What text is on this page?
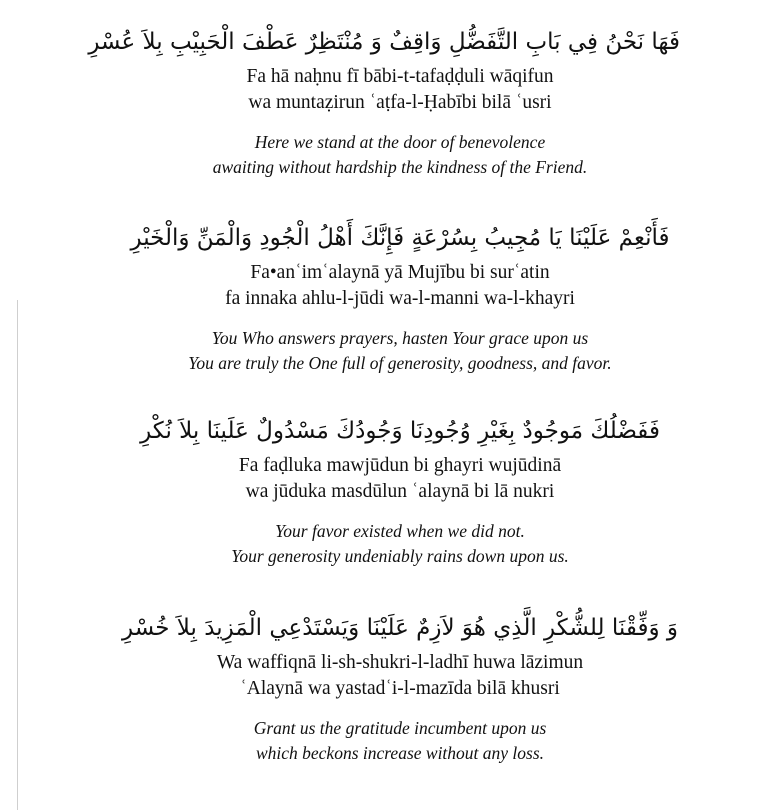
فَهَا نَحْنُ فِي بَابِ التَّفَضُّلِ وَاقِفٌ وَ مُنْتَظِرٌ عَطْفَ الْحَبِيْبِ بِلاَ عُسْرِ
Fa hā naḥnu fī bābi-t-tafaḍḍuli wāqifun
wa muntaẓirun ʿaṭfa-l-Ḥabībi bilā ʿusri
Here we stand at the door of benevolence
awaiting without hardship the kindness of the Friend.
فَأَنْعِمْ عَلَيْنَا يَا مُجِيبُ بِسُرْعَةٍ فَإِنَّكَ أَهْلُ الْجُودِ وَالْمَنِّ وَالْخَيْرِ
Fa•anʿimʿalaynā yā Mujību bi surʿatin
fa innaka ahlu-l-jūdi wa-l-manni wa-l-khayri
You Who answers prayers, hasten Your grace upon us
You are truly the One full of generosity, goodness, and favor.
فَفَضْلُكَ مَوجُودٌ بِغَيْرِ وُجُودِنَا وَجُودُكَ مَسْدُولٌ عَلَينَا بِلاَ نُكْرِ
Fa faḍluka mawjūdun bi ghayri wujūdinā
wa jūduka masdūlun ʿalaynā bi lā nukri
Your favor existed when we did not.
Your generosity undeniably rains down upon us.
وَ وَفِّقْنَا لِلشُّكْرِ الَّذِي هُوَ لاَزِمٌ عَلَيْنَا وَيَسْتَدْعِي الْمَزِيدَ بِلاَ خُسْرِ
Wa waffiqnā li-sh-shukri-l-ladhī huwa lāzimun
ʿAlaynā wa yastadʿi-l-mazīda bilā khusri
Grant us the gratitude incumbent upon us
which beckons increase without any loss.
